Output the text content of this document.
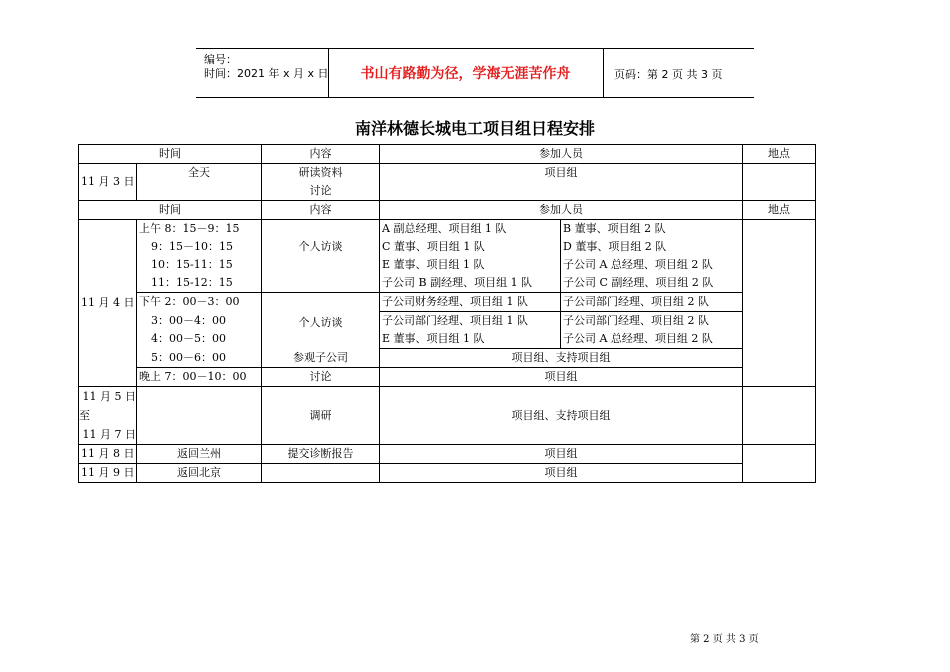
编号：
时间：2021 年 x 月 x 日	书山有路勤为径，学海无涯苦作舟	页码：第 2 页 共 3 页
南洋林德长城电工项目组日程安排
时间		内容	参加人员		地点
11 月 3 日	全天	研读资料	项目组		
		讨论			
时间		内容	参加人员		地点
11 月 4 日	上午 8：15－9：15	个人访谈	A 副总经理、项目组 1 队	B 董事、项目组 2 队	
	9：15－10：15		C 董事、项目组 1 队	D 董事、项目组 2 队	
	10：15-11：15		E 董事、项目组 1 队	子公司 A 总经理、项目组 2 队	
	11：15-12：15		子公司 B 副经理、项目组 1 队	子公司 C 副经理、项目组 2 队	
	下午 2：00－3：00	个人访谈	子公司财务经理、项目组 1 队	子公司部门经理、项目组 2 队	
	3：00－4：00		子公司部门经理、项目组 1 队	子公司部门经理、项目组 2 队	
	4：00－5：00		E 董事、项目组 1 队	子公司 A 总经理、项目组 2 队	
	5：00－6：00	参观子公司	项目组、支持项目组		
	晚上 7：00－10：00	讨论	项目组		

11 月 5 日
至
11 月 7 日		调研	项目组、支持项目组		
11 月 8 日	返回兰州	提交诊断报告	项目组		
11 月 9 日	返回北京		项目组		
第 2 页 共 3 页
